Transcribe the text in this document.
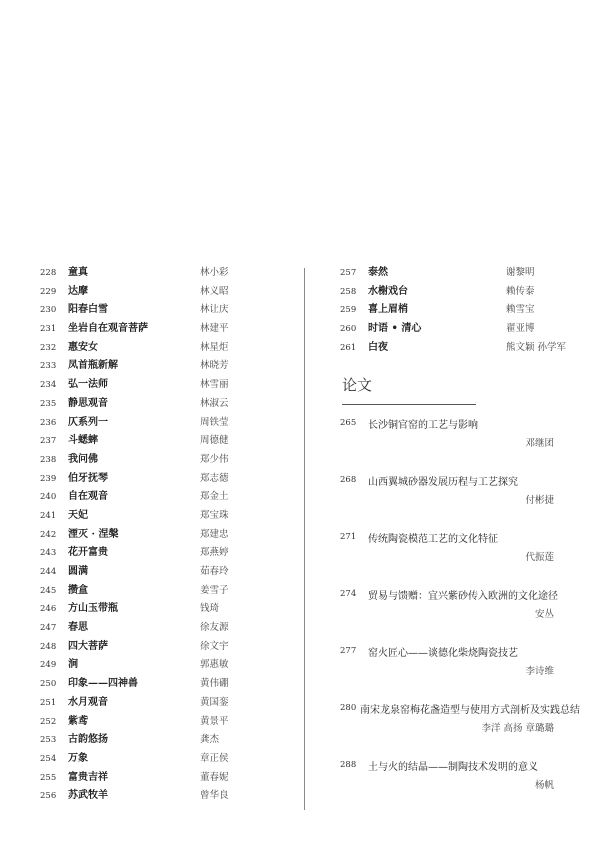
228	童真	林小彩
229	达摩	林义昭
230	阳春白雪	林让庆
231	坐岩自在观音菩萨	林建平
232	惠安女	林星炬
233	凤首瓶新解	林晓芳
234	弘一法师	林雪丽
235	静思观音	林淑云
236	仄系列一	周铁莹
237	斗蟋蟀	周德健
238	我问佛	郑少伟
239	伯牙抚琴	郑志德
240	自在观音	郑金土
241	天妃	郑宝珠
242	湮灭 · 涅槃	郑建忠
243	花开富贵	郑燕婷
244	圆满	茹春玲
245	攒盒	姜雪子
246	方山玉带瓶	钱琦
247	春思	徐友源
248	四大菩萨	徐文宇
249	涧	郭惠敏
250	印象——四神兽	黄伟硼
251	水月观音	黄国銮
252	紫鸢	黄景平
253	古韵悠扬	龚杰
254	万象	章正侯
255	富贵吉祥	董春妮
256	苏武牧羊	曾华良
257	泰然	谢黎明
258	水榭戏台	赖传泰
259	喜上眉梢	赖雪宝
260	时语 • 清心	翟亚博
261	白夜	熊文颖 孙学军
论文
265	长沙铜官窑的工艺与影响
邓继团
268	山西翼城砂器发展历程与工艺探究
付彬捷
271	传统陶瓷模范工艺的文化特征
代振莲
274	贸易与馈赠：宜兴紫砂传入欧洲的文化途径
安丛
277	窑火匠心——谈德化柴烧陶瓷技艺
李诗维
280 南宋龙泉窑梅花盏造型与使用方式剖析及实践总结
李洋 高扬 章璐璐
288	土与火的结晶——制陶技术发明的意义
杨帆
